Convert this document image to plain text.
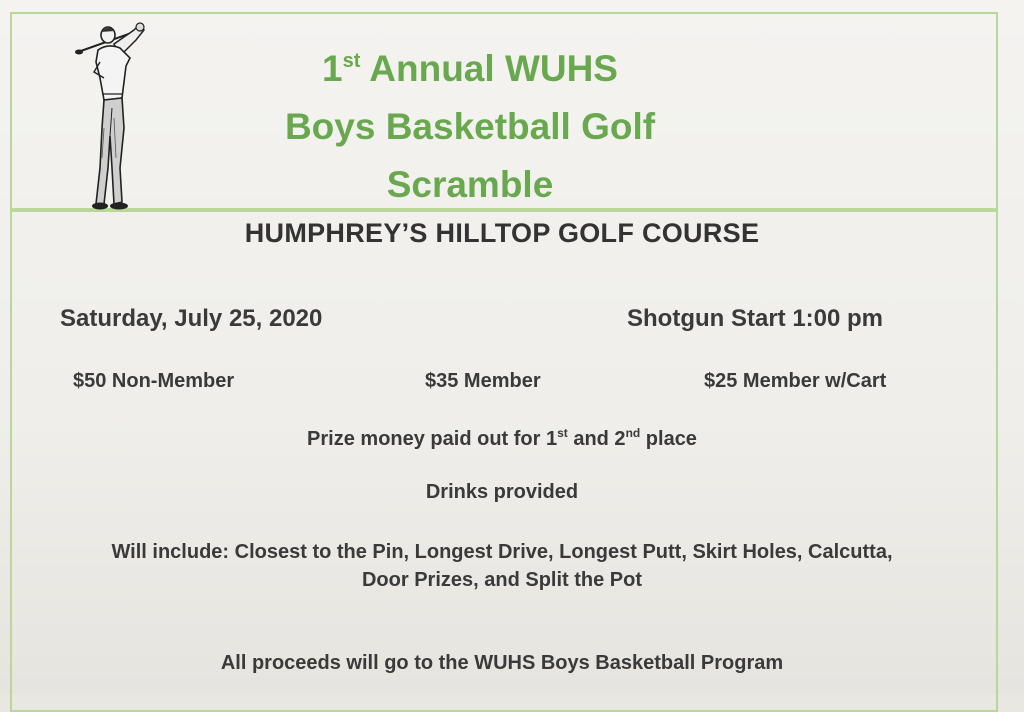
1st Annual WUHS
Boys Basketball Golf
Scramble
HUMPHREY’S HILLTOP GOLF COURSE
Saturday, July 25, 2020	Shotgun Start 1:00 pm
$50 Non-Member	$35 Member	$25 Member w/Cart
Prize money paid out for 1st and 2nd place
Drinks provided
Will include: Closest to the Pin, Longest Drive, Longest Putt, Skirt Holes, Calcutta,
Door Prizes, and Split the Pot
All proceeds will go to the WUHS Boys Basketball Program
